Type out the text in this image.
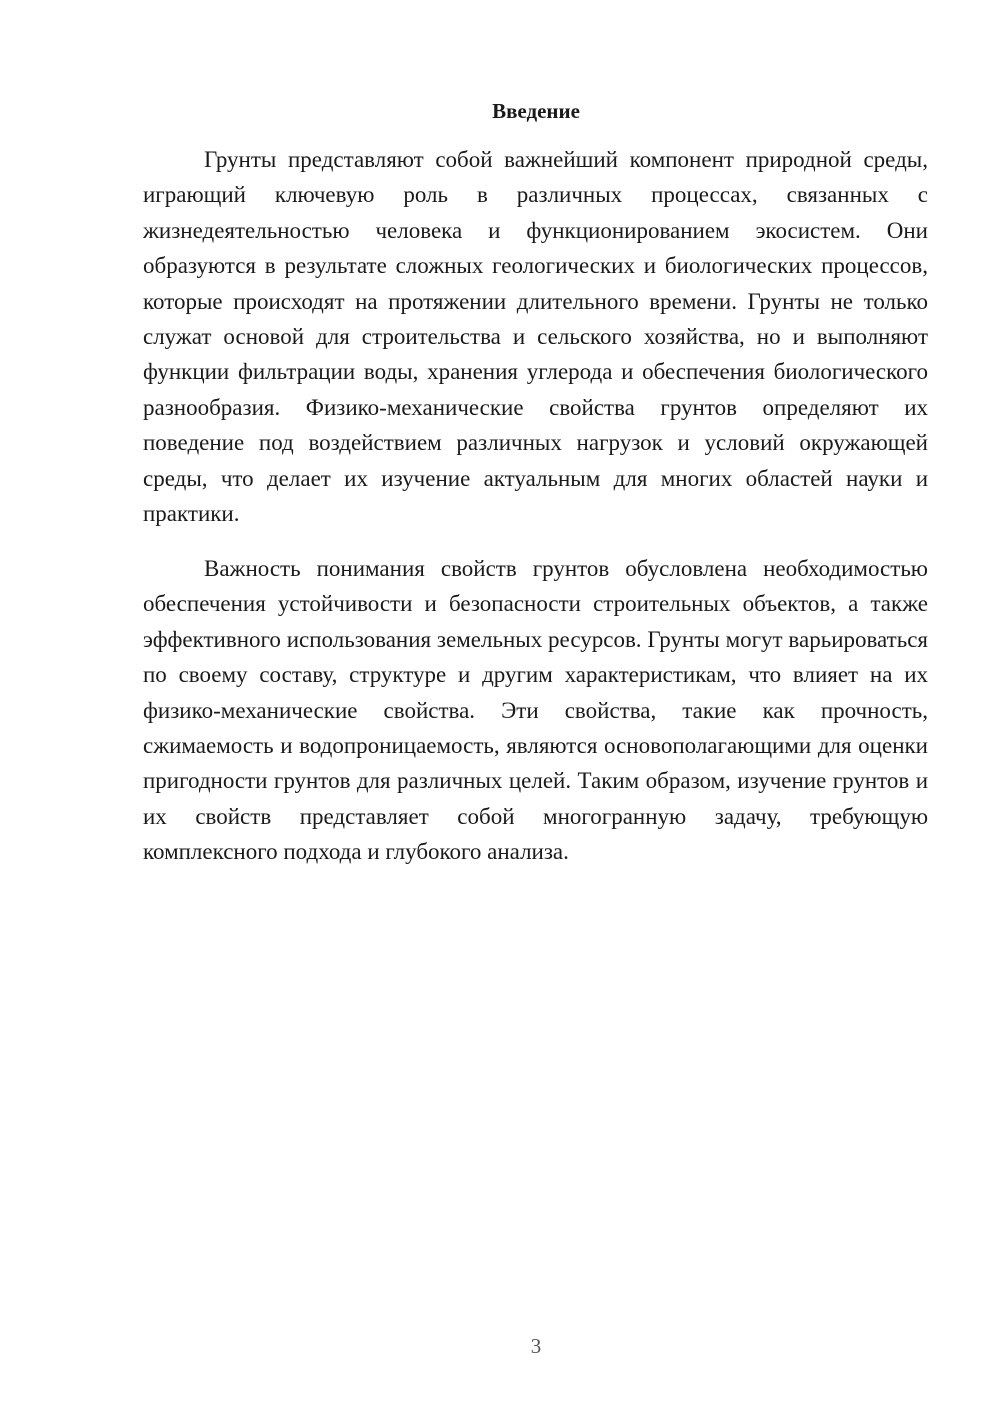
Введение

Грунты представляют собой важнейший компонент природной среды, играющий ключевую роль в различных процессах, связанных с жизнедеятельностью человека и функционированием экосистем. Они образуются в результате сложных геологических и биологических процессов, которые происходят на протяжении длительного времени. Грунты не только служат основой для строительства и сельского хозяйства, но и выполняют функции фильтрации воды, хранения углерода и обеспечения биологического разнообразия. Физико-механические свойства грунтов определяют их поведение под воздействием различных нагрузок и условий окружающей среды, что делает их изучение актуальным для многих областей науки и практики.

Важность понимания свойств грунтов обусловлена необходимостью обеспечения устойчивости и безопасности строительных объектов, а также эффективного использования земельных ресурсов. Грунты могут варьироваться по своему составу, структуре и другим характеристикам, что влияет на их физико-механические свойства. Эти свойства, такие как прочность, сжимаемость и водопроницаемость, являются основополагающими для оценки пригодности грунтов для различных целей. Таким образом, изучение грунтов и их свойств представляет собой многогранную задачу, требующую комплексного подхода и глубокого анализа.

3
